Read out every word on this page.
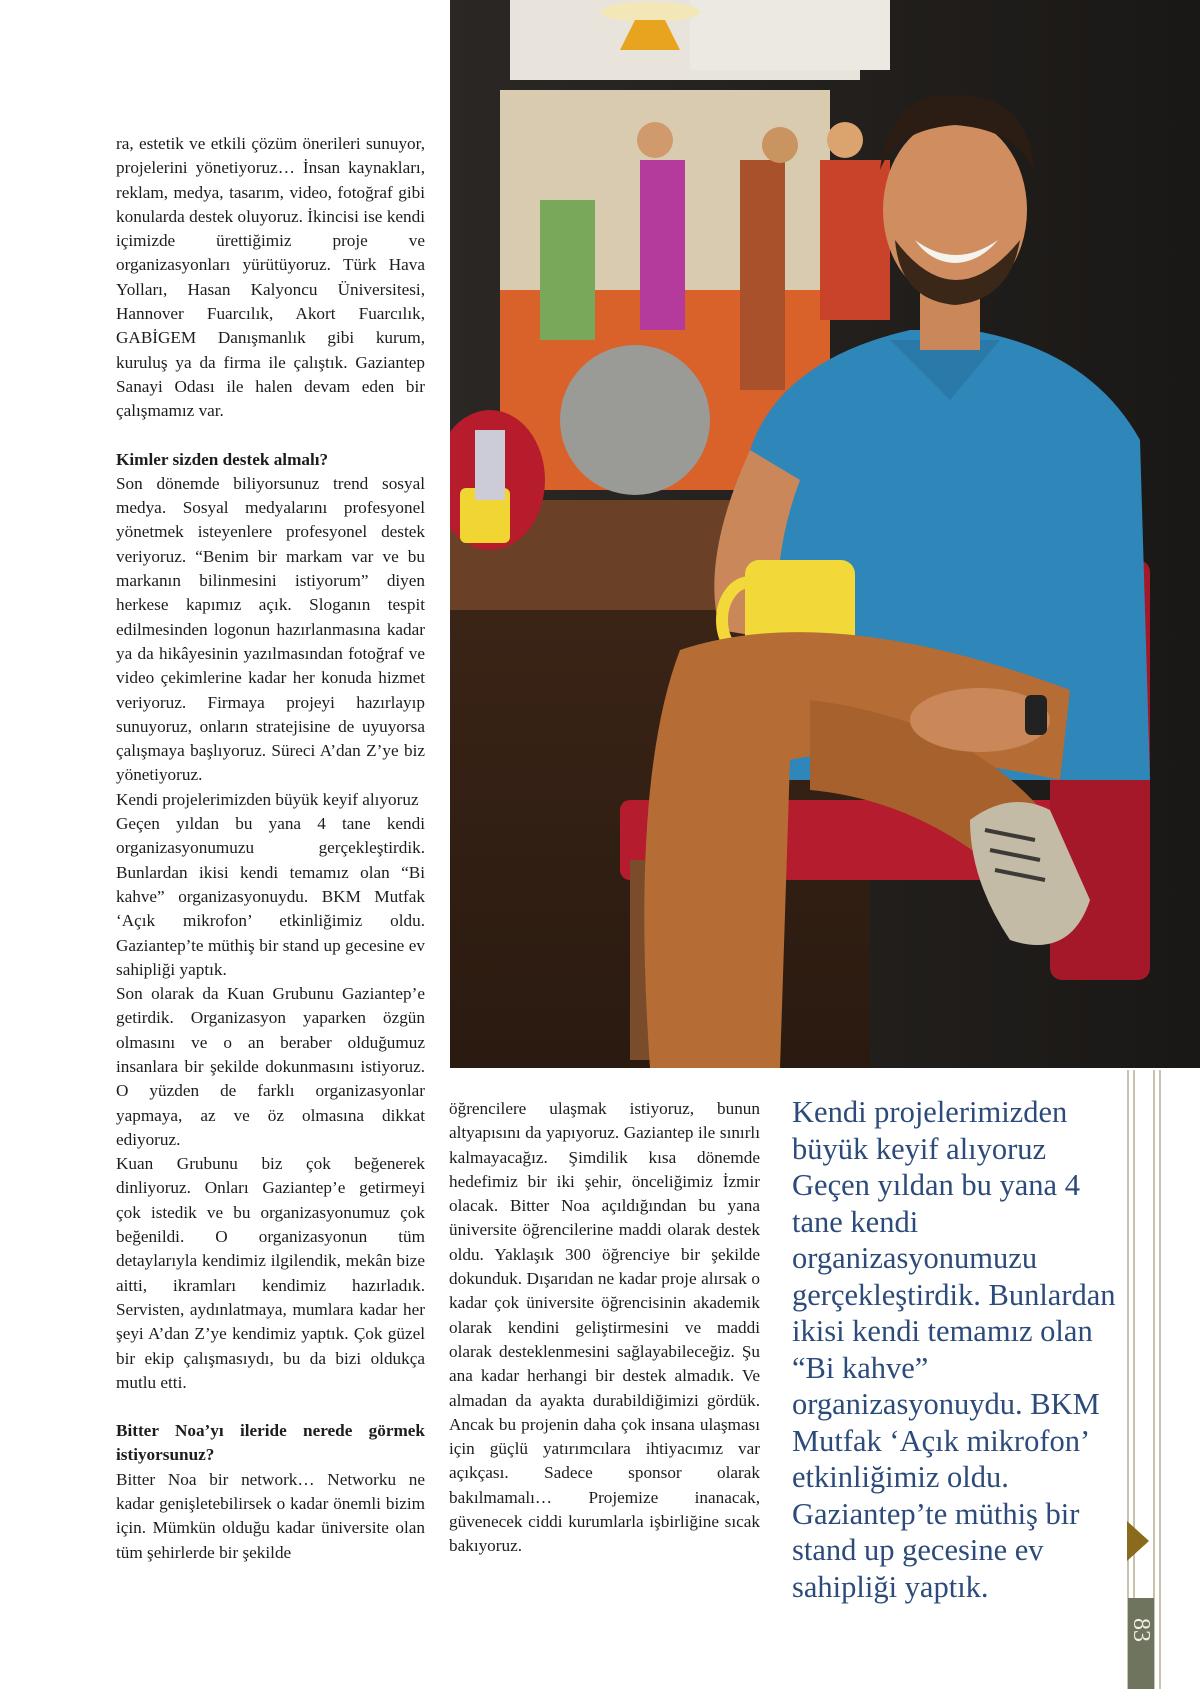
ra, estetik ve etkili çözüm önerileri sunuyor, projelerini yönetiyoruz… İnsan kaynakları, reklam, medya, tasarım, video, fotoğraf gibi konularda destek oluyoruz. İkincisi ise kendi içimizde ürettiğimiz proje ve organizasyonları yürütüyoruz. Türk Hava Yolları, Hasan Kalyoncu Üniversitesi, Hannover Fuarcılık, Akort Fuarcılık, GABİGEM Danışmanlık gibi kurum, kuruluş ya da firma ile çalıştık. Gaziantep Sanayi Odası ile halen devam eden bir çalışmamız var.

Kimler sizden destek almalı?

Son dönemde biliyorsunuz trend sosyal medya. Sosyal medyalarını profesyonel yönetmek isteyenlere profesyonel destek veriyoruz. “Benim bir markam var ve bu markanın bilinmesini istiyorum” diyen herkese kapımız açık. Sloganın tespit edilmesinden logonun hazırlanmasına kadar ya da hikâyesinin yazılmasından fotoğraf ve video çekimlerine kadar her konuda hizmet veriyoruz. Firmaya projeyi hazırlayıp sunuyoruz, onların stratejisine de uyuyorsa çalışmaya başlıyoruz. Süreci A’dan Z’ye biz yönetiyoruz.

Kendi projelerimizden büyük keyif alıyoruz

Geçen yıldan bu yana 4 tane kendi organizasyonumuzu gerçekleştirdik. Bunlardan ikisi kendi temamız olan “Bi kahve” organizasyonuydu. BKM Mutfak ‘Açık mikrofon’ etkinliğimiz oldu. Gaziantep’te müthiş bir stand up gecesine ev sahipliği yaptık.

Son olarak da Kuan Grubunu Gaziantep’e getirdik. Organizasyon yaparken özgün olmasını ve o an beraber olduğumuz insanlara bir şekilde dokunmasını istiyoruz. O yüzden de farklı organizasyonlar yapmaya, az ve öz olmasına dikkat ediyoruz.

Kuan Grubunu biz çok beğenerek dinliyoruz. Onları Gaziantep’e getirmeyi çok istedik ve bu organizasyonumuz çok beğenildi. O organizasyonun tüm detaylarıyla kendimiz ilgilendik, mekân bize aitti, ikramları kendimiz hazırladık. Servisten, aydınlatmaya, mumlara kadar her şeyi A’dan Z’ye kendimiz yaptık. Çok güzel bir ekip çalışmasıydı, bu da bizi oldukça mutlu etti.

Bitter Noa’yı ileride nerede görmek istiyorsunuz?

Bitter Noa bir network… Networku ne kadar genişletebilirsek o kadar önemli bizim için. Mümkün olduğu kadar üniversite olan tüm şehirlerde bir şekilde

öğrencilere ulaşmak istiyoruz, bunun altyapısını da yapıyoruz. Gaziantep ile sınırlı kalmayacağız. Şimdilik kısa dönemde hedefimiz bir iki şehir, önceliğimiz İzmir olacak. Bitter Noa açıldığından bu yana üniversite öğrencilerine maddi olarak destek oldu. Yaklaşık 300 öğrenciye bir şekilde dokunduk. Dışarıdan ne kadar proje alırsak o kadar çok üniversite öğrencisinin akademik olarak kendini geliştirmesini ve maddi olarak desteklenmesini sağlayabileceğiz. Şu ana kadar herhangi bir destek almadık. Ve almadan da ayakta durabildiğimizi gördük. Ancak bu projenin daha çok insana ulaşması için güçlü yatırımcılara ihtiyacımız var açıkçası. Sadece sponsor olarak bakılmamalı… Projemize inanacak, güvenecek ciddi kurumlarla işbirliğine sıcak bakıyoruz.

Kendi projelerimizden büyük keyif alıyoruz

Geçen yıldan bu yana 4 tane kendi organizasyonumuzu gerçekleştirdik. Bunlardan ikisi kendi temamız olan “Bi kahve” organizasyonuydu. BKM Mutfak ‘Açık mikrofon’ etkinliğimiz oldu. Gaziantep’te müthiş bir stand up gecesine ev sahipliği yaptık.

83
